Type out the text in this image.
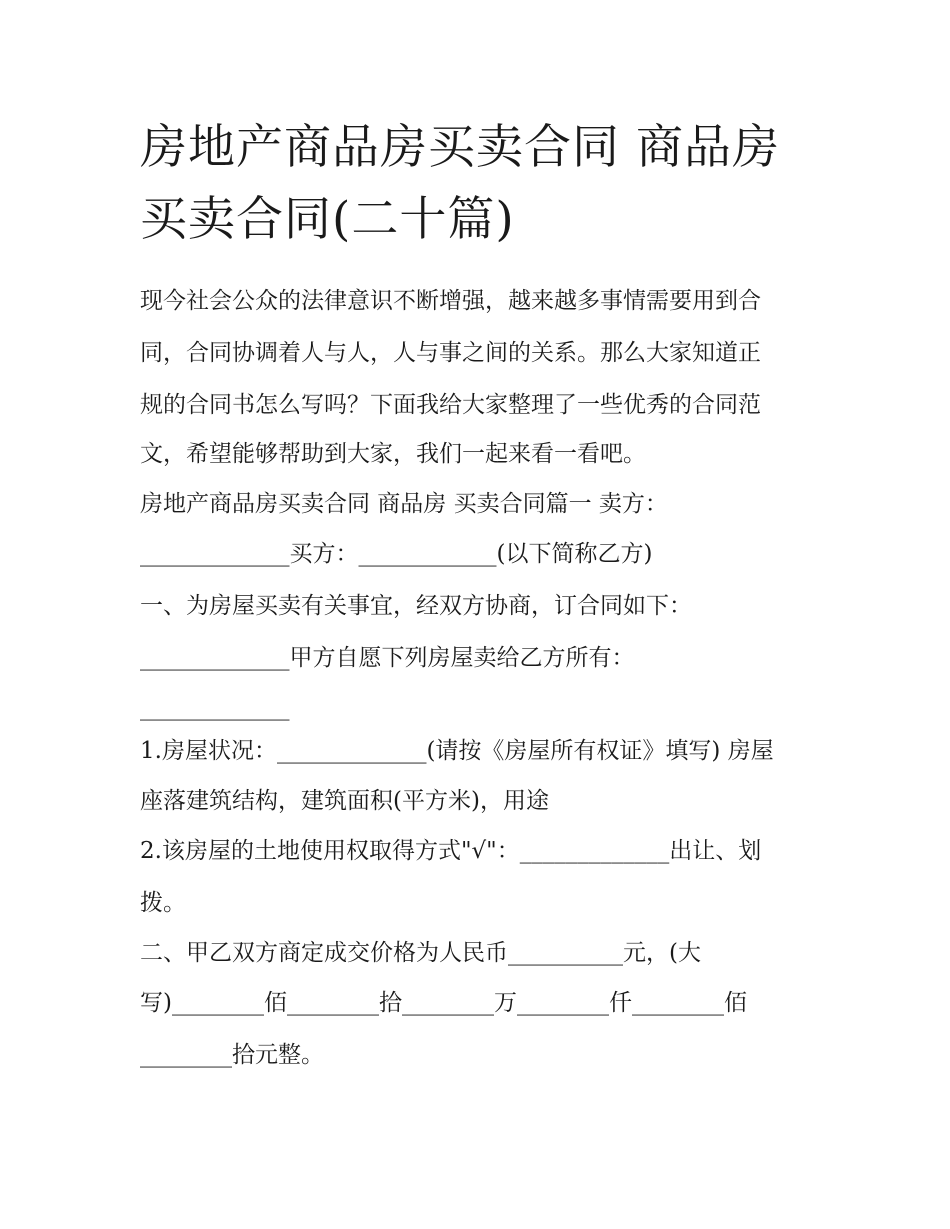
房地产商品房买卖合同 商品房
买卖合同(二十篇)
现今社会公众的法律意识不断增强，越来越多事情需要用到合
同，合同协调着人与人，人与事之间的关系。那么大家知道正
规的合同书怎么写吗？下面我给大家整理了一些优秀的合同范
文，希望能够帮助到大家，我们一起来看一看吧。
房地产商品房买卖合同 商品房 买卖合同篇一 卖方：
_____________买方：____________(以下简称乙方)
一、为房屋买卖有关事宜，经双方协商，订合同如下：
_____________甲方自愿下列房屋卖给乙方所有：
_____________
1.房屋状况：_____________(请按《房屋所有权证》填写) 房屋
座落建筑结构，建筑面积(平方米)，用途
2.该房屋的土地使用权取得方式"√"：_____________出让、划
拨。
二、甲乙双方商定成交价格为人民币__________元，(大
写)________佰________拾________万________仟________佰
________拾元整。
